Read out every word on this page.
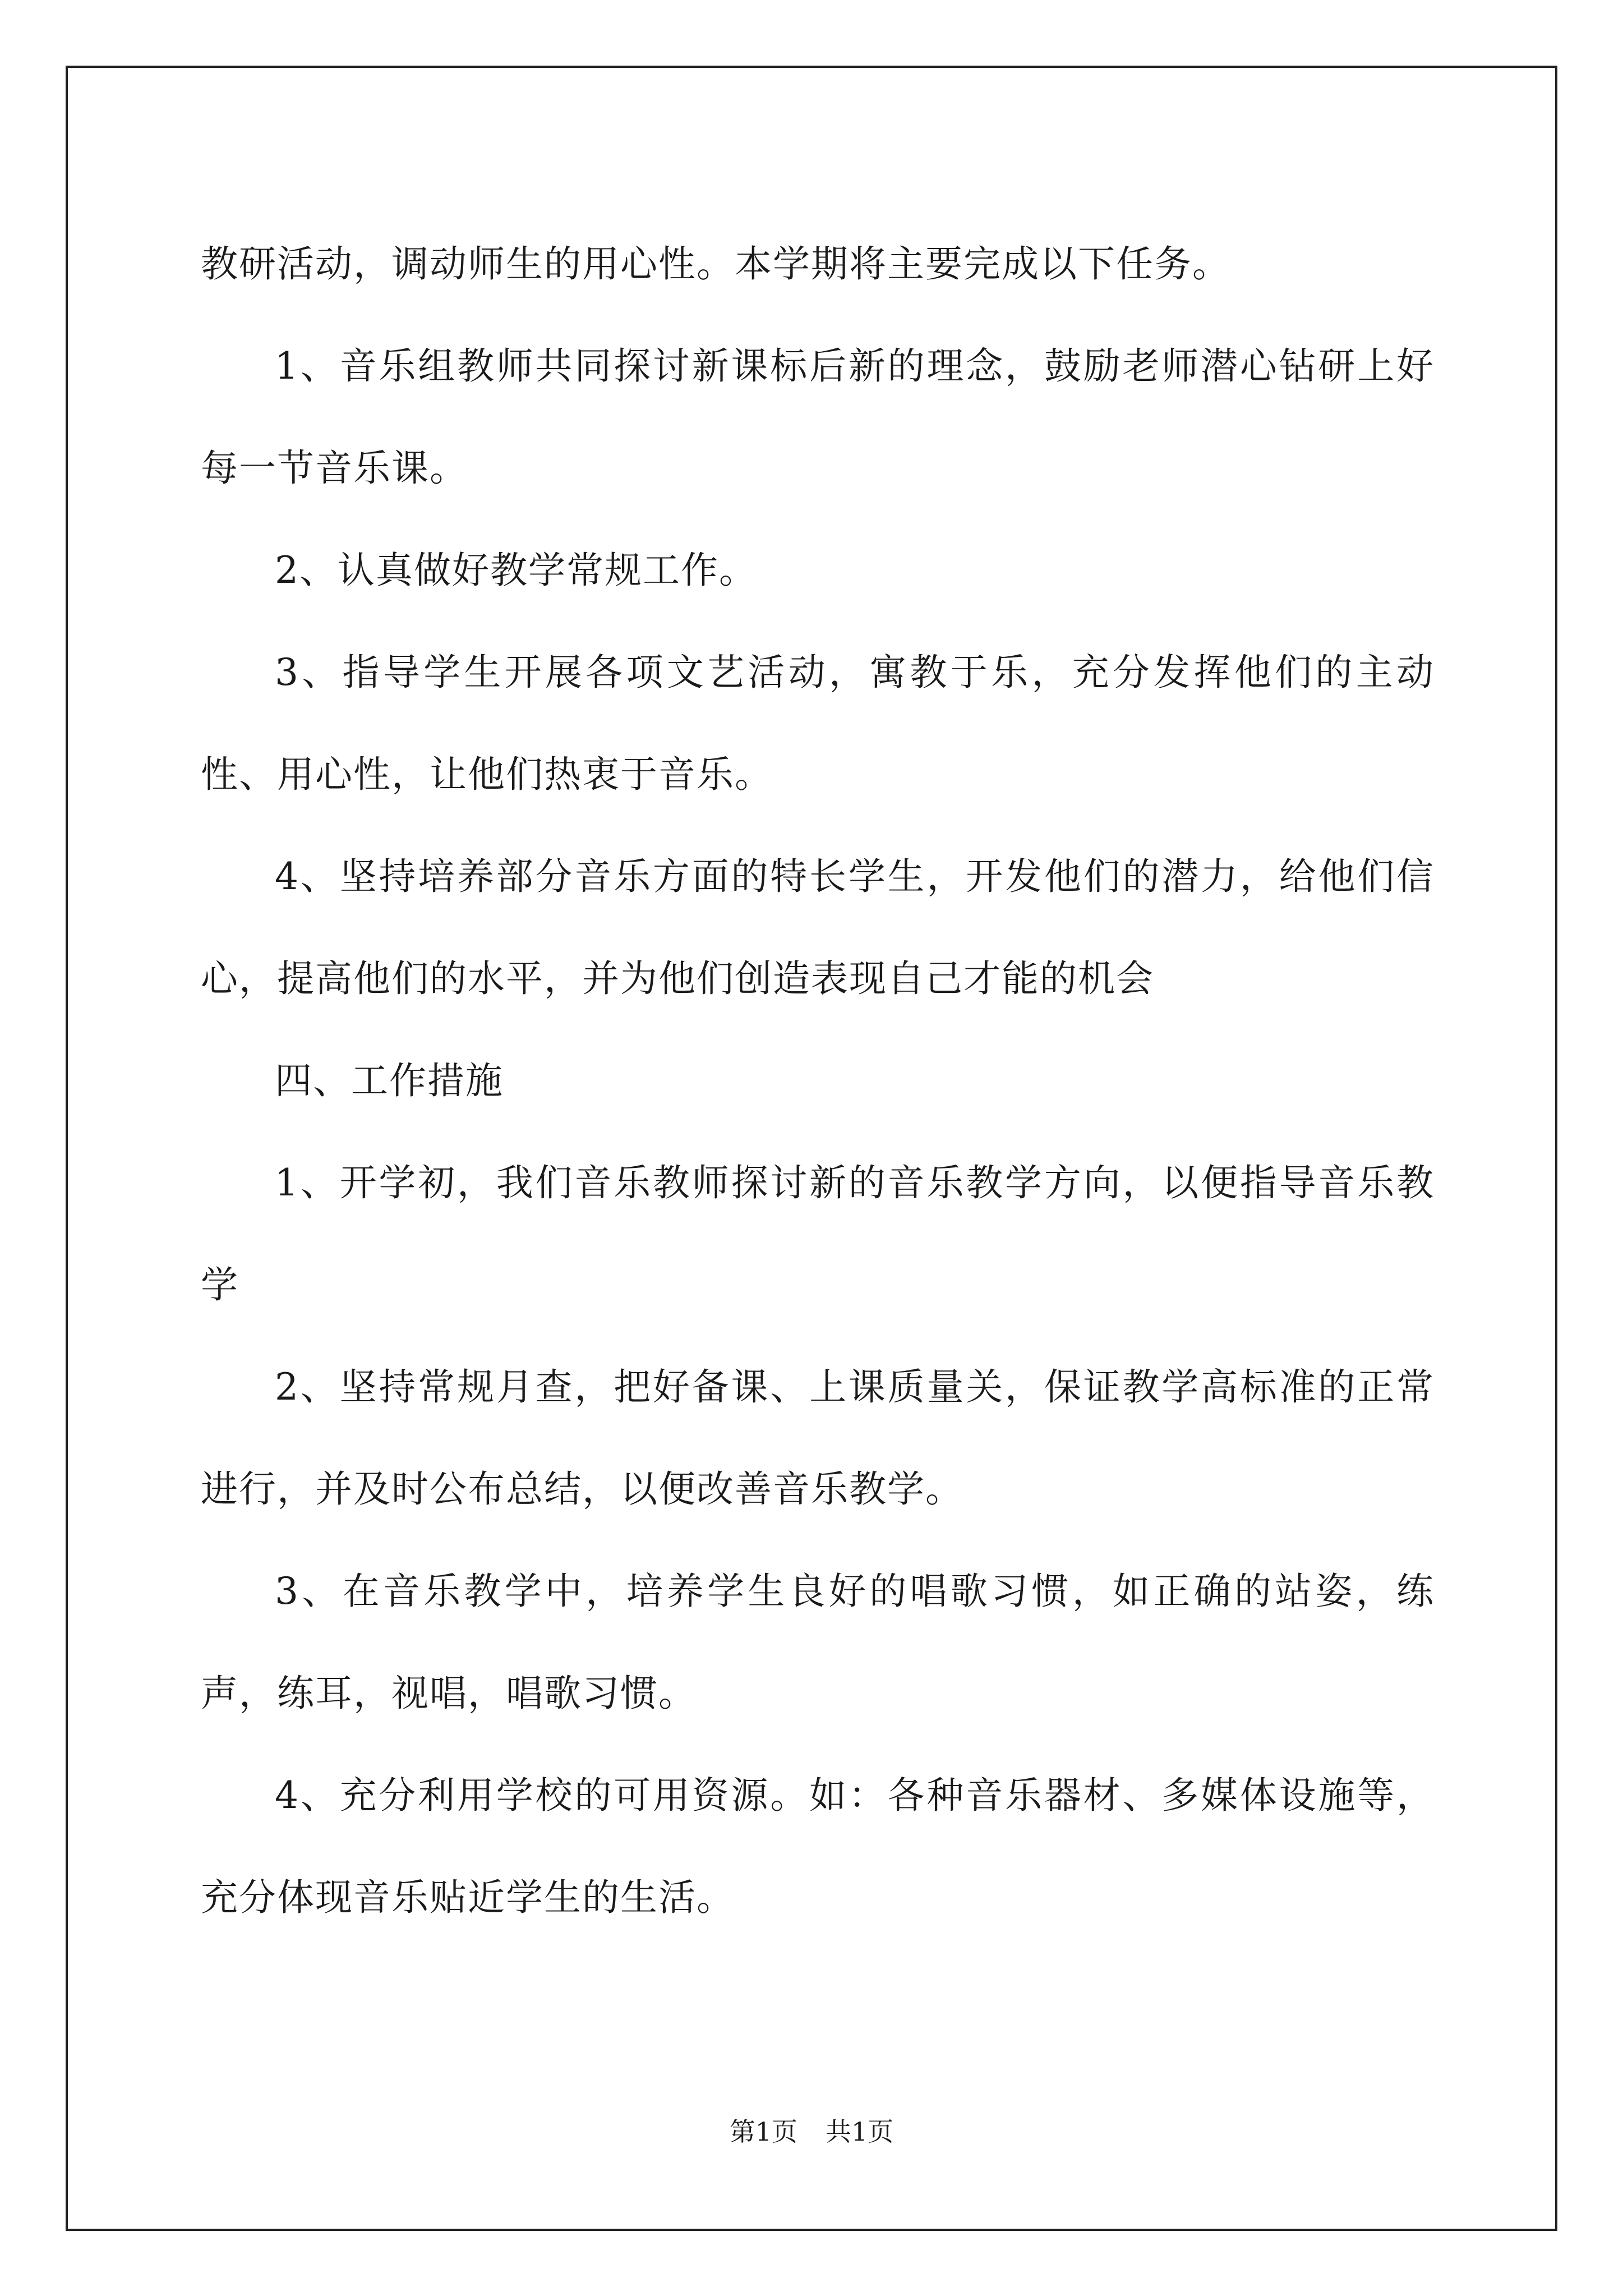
教研活动，调动师生的用心性。本学期将主要完成以下任务。

1、音乐组教师共同探讨新课标后新的理念，鼓励老师潜心钻研上好每一节音乐课。

2、认真做好教学常规工作。

3、指导学生开展各项文艺活动，寓教于乐，充分发挥他们的主动性、用心性，让他们热衷于音乐。

4、坚持培养部分音乐方面的特长学生，开发他们的潜力，给他们信心，提高他们的水平，并为他们创造表现自己才能的机会

四、工作措施

1、开学初，我们音乐教师探讨新的音乐教学方向，以便指导音乐教学

2、坚持常规月查，把好备课、上课质量关，保证教学高标准的正常进行，并及时公布总结，以便改善音乐教学。

3、在音乐教学中，培养学生良好的唱歌习惯，如正确的站姿，练声，练耳，视唱，唱歌习惯。

4、充分利用学校的可用资源。如：各种音乐器材、多媒体设施等，充分体现音乐贴近学生的生活。

第1页 共1页
